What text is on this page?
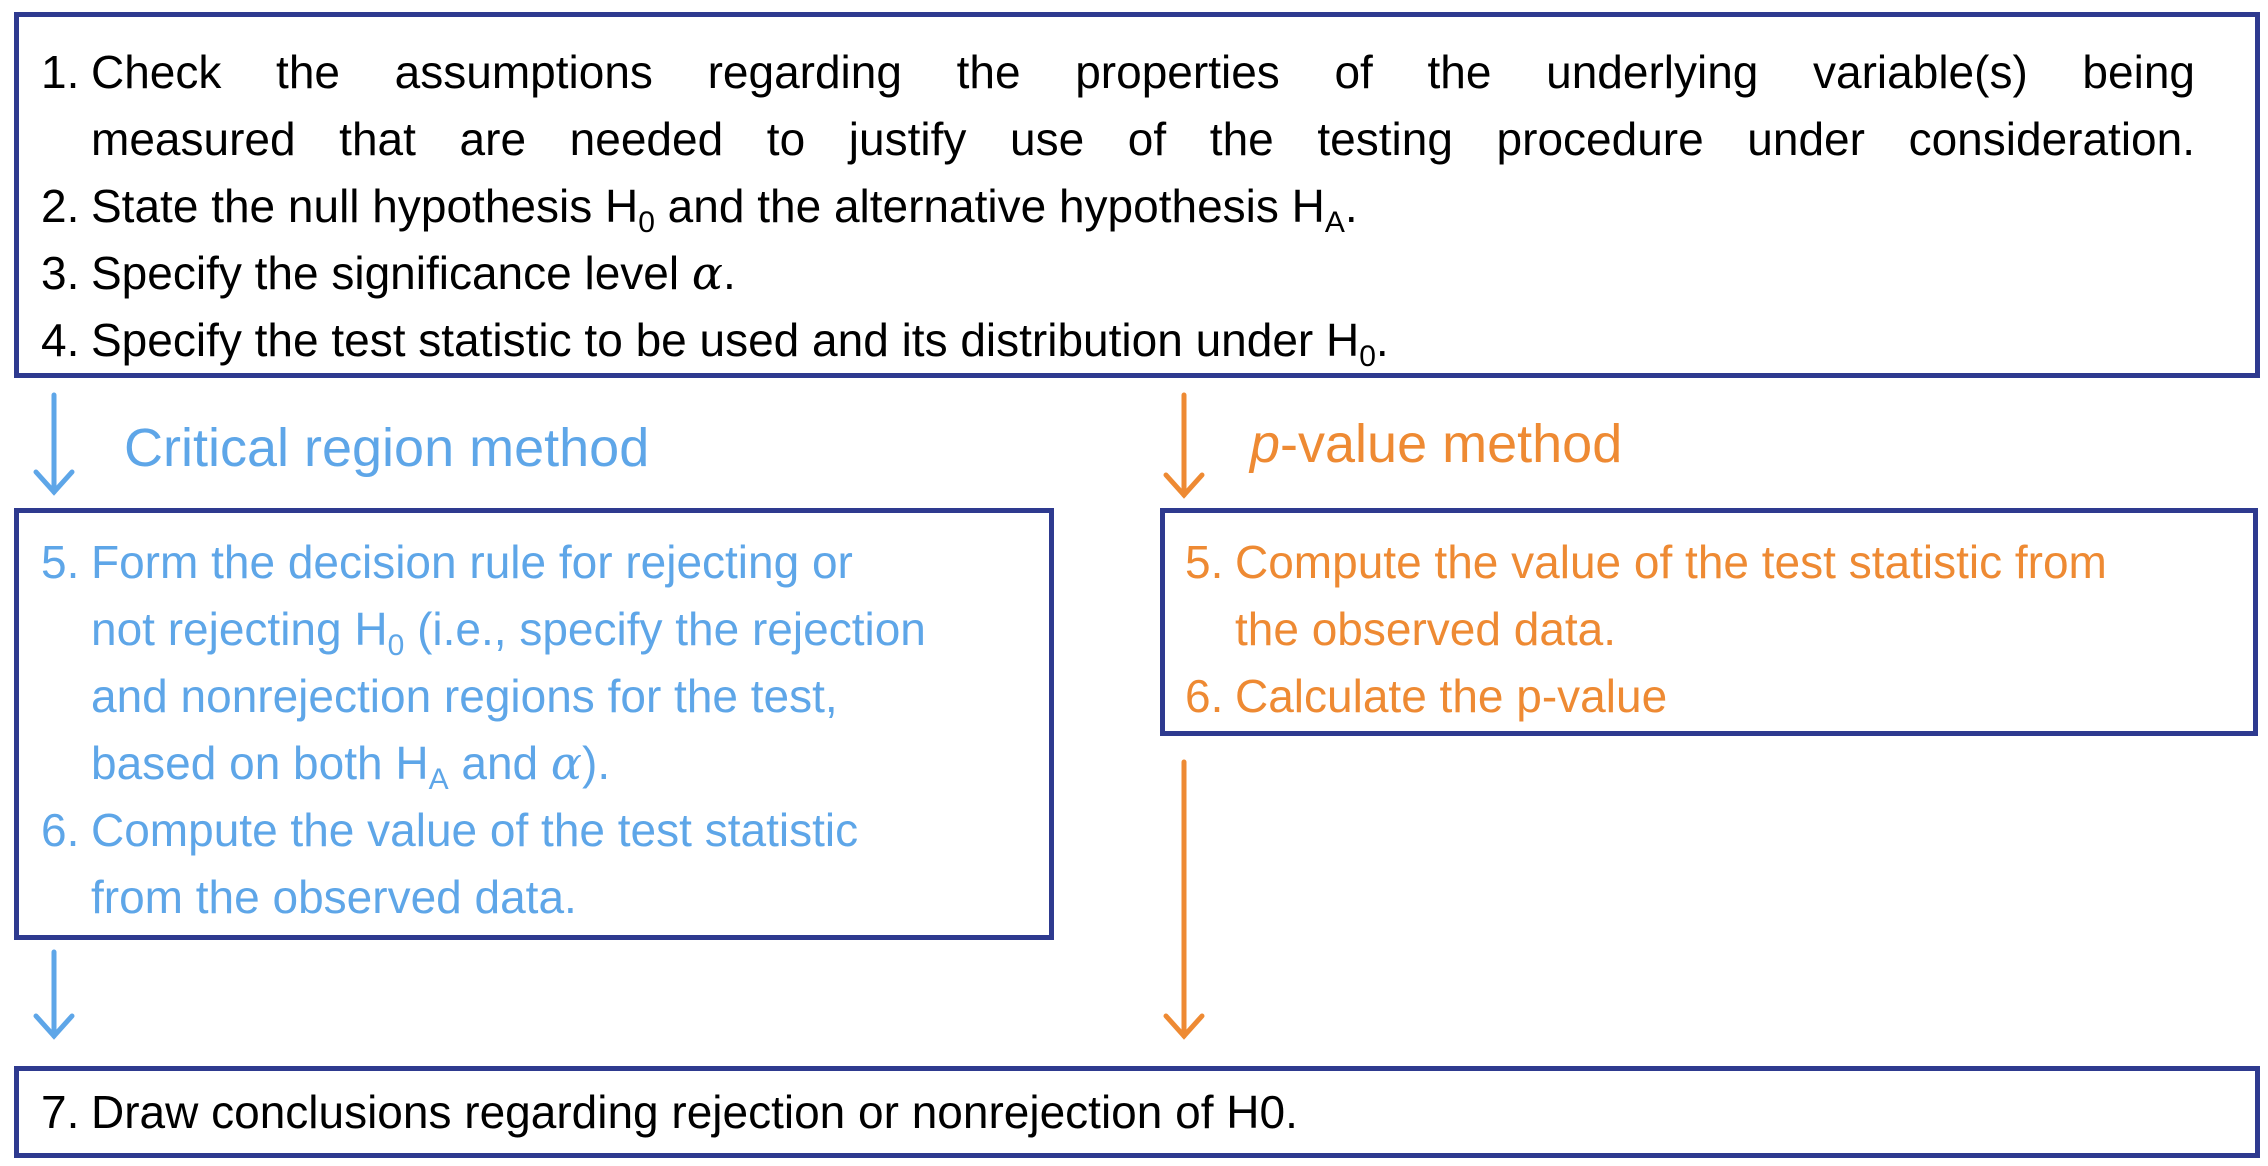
1. Check the assumptions regarding the properties of the underlying variable(s) being
measured that are needed to justify use of the testing procedure under consideration.
2. State the null hypothesis $H_0$ and the alternative hypothesis $H_A$.
3. Specify the significance level α.
4. Specify the test statistic to be used and its distribution under $H_0$.
Critical region method	p-value method
5. Form the decision rule for rejecting or
not rejecting $H_0$ (i.e., specify the rejection
and nonrejection regions for the test,
based on both $H_A$ and α).
6. Compute the value of the test statistic
from the observed data.
5. Compute the value of the test statistic from
the observed data.
6. Calculate the p-value
7. Draw conclusions regarding rejection or nonrejection of H0.
